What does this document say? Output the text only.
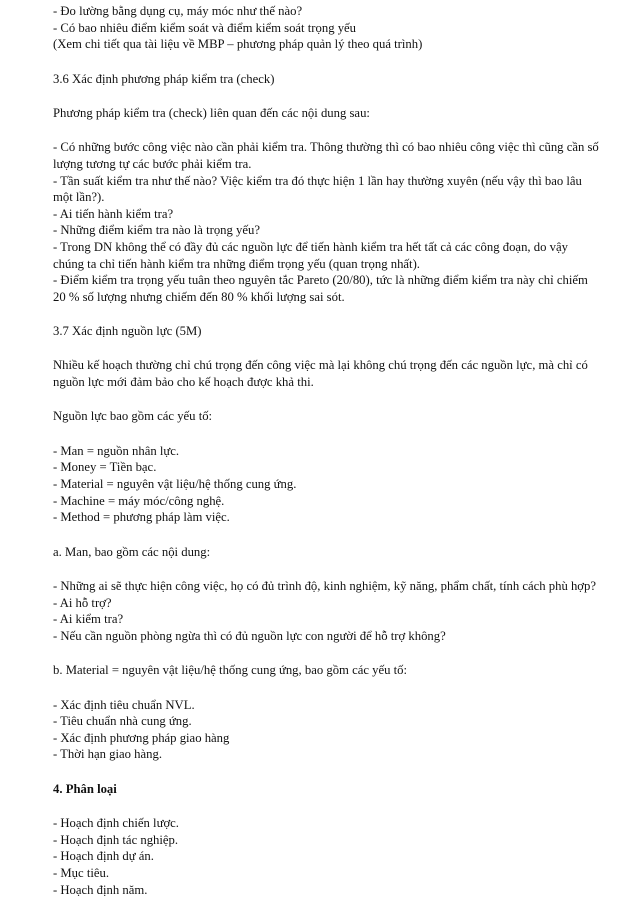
- Đo lường bằng dụng cụ, máy móc như thế nào?

- Có bao nhiêu điểm kiểm soát và điểm kiểm soát trọng yếu

(Xem chi tiết qua tài liệu về MBP – phương pháp quản lý theo quá trình)

3.6 Xác định phương pháp kiểm tra (check)

Phương pháp kiểm tra (check) liên quan đến các nội dung sau:

- Có những bước công việc nào cần phải kiểm tra. Thông thường thì có bao nhiêu công việc thì cũng cần số lượng tương tự các bước phải kiểm tra.

- Tần suất kiểm tra như thế nào? Việc kiểm tra đó thực hiện 1 lần hay thường xuyên (nếu vậy thì bao lâu một lần?).

- Ai tiến hành kiểm tra?

- Những điểm kiểm tra nào là trọng yếu?

- Trong DN không thể có đầy đủ các nguồn lực để tiến hành kiểm tra hết tất cả các công đoạn, do vậy chúng ta chỉ tiến hành kiểm tra những điểm trọng yếu (quan trọng nhất).

- Điểm kiểm tra trọng yếu tuân theo nguyên tắc Pareto (20/80), tức là những điểm kiểm tra này chỉ chiếm 20 % số lượng nhưng chiếm đến 80 % khối lượng sai sót.

3.7 Xác định nguồn lực (5M)

Nhiều kế hoạch thường chỉ chú trọng đến công việc mà lại không chú trọng đến các nguồn lực, mà chỉ có nguồn lực mới đảm bảo cho kế hoạch được khả thi.

Nguồn lực bao gồm các yếu tố:

- Man = nguồn nhân lực.

- Money = Tiền bạc.

- Material = nguyên vật liệu/hệ thống cung ứng.

- Machine = máy móc/công nghệ.

- Method = phương pháp làm việc.

a. Man, bao gồm các nội dung:

- Những ai sẽ thực hiện công việc, họ có đủ trình độ, kinh nghiệm, kỹ năng, phẩm chất, tính cách phù hợp?

- Ai hỗ trợ?

- Ai kiểm tra?

- Nếu cần nguồn phòng ngừa thì có đủ nguồn lực con người để hỗ trợ không?

b. Material = nguyên vật liệu/hệ thống cung ứng, bao gồm các yếu tố:

- Xác định tiêu chuẩn NVL.

- Tiêu chuẩn nhà cung ứng.

- Xác định phương pháp giao hàng

- Thời hạn giao hàng.

4. Phân loại

- Hoạch định chiến lược.

- Hoạch định tác nghiệp.

- Hoạch định dự án.

- Mục tiêu.

- Hoạch định năm.
